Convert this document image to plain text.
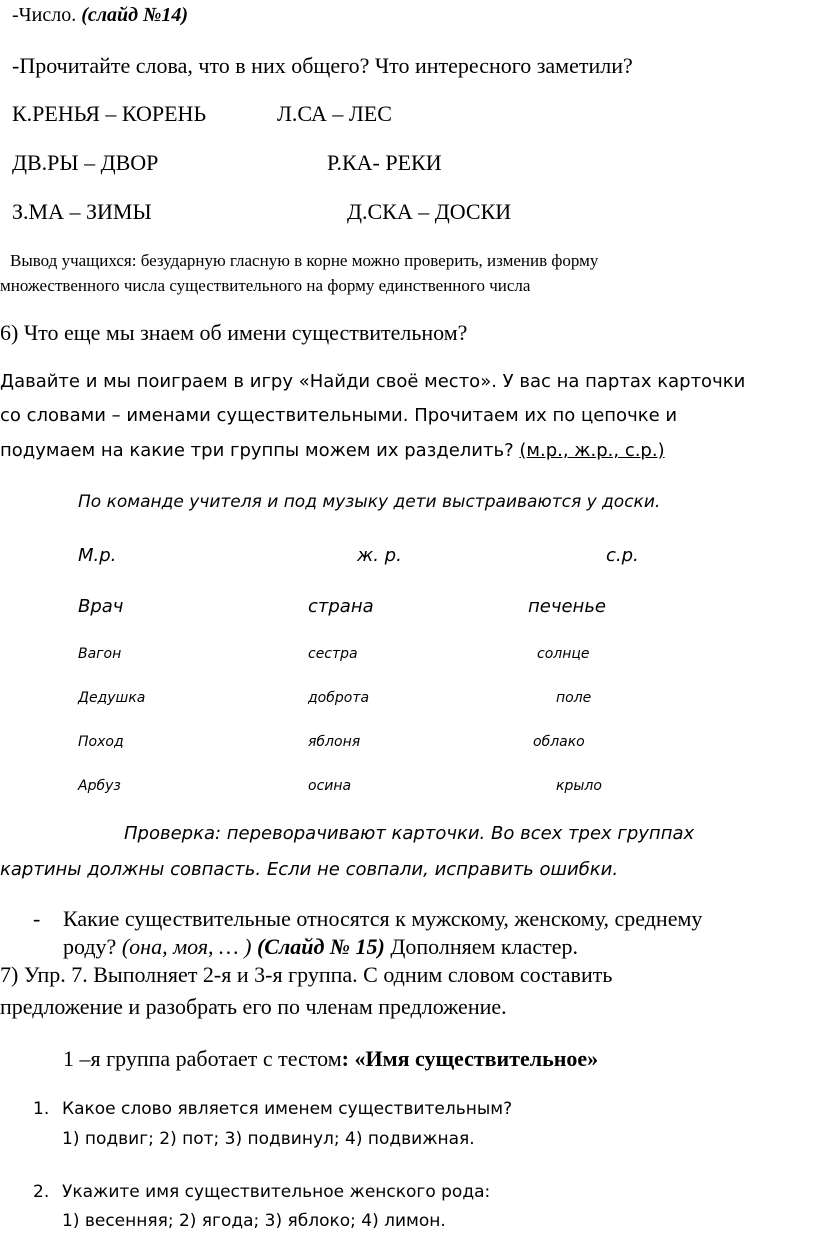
-Число. (слайд №14)
-Прочитайте слова, что в них общего? Что интересного заметили?
К.РЕНЬЯ – КОРЕНЬ	Л.СА – ЛЕС
ДВ.РЫ – ДВОР	Р.КА- РЕКИ
З.МА – ЗИМЫ	Д.СКА – ДОСКИ
Вывод учащихся: безударную гласную в корне можно проверить, изменив форму
множественного числа существительного на форму единственного числа
6) Что еще мы знаем об имени существительном?
Давайте и мы поиграем в игру «Найди своё место». У вас на партах карточки
со словами – именами существительными. Прочитаем их по цепочке и
подумаем на какие три группы можем их разделить? (м.р., ж.р., с.р.)
По команде учителя и под музыку дети выстраиваются у доски.
М.р.	ж. р.	с.р.
Врач	страна	печенье
Вагон	сестра	солнце
Дедушка	доброта	поле
Поход	яблоня	облако
Арбуз	осина	крыло
Проверка: переворачивают карточки. Во всех трех группах
картины должны совпасть. Если не совпали, исправить ошибки.
- Какие существительные относятся к мужскому, женскому, среднему
роду? (она, моя, … ) (Слайд № 15) Дополняем кластер.
7) Упр. 7. Выполняет 2-я и 3-я группа. С одним словом составить
предложение и разобрать его по членам предложение.
1 –я группа работает с тестом: «Имя существительное»
1. Какое слово является именем существительным?
1) подвиг; 2) пот; 3) подвинул; 4) подвижная.
2. Укажите имя существительное женского рода:
1) весенняя; 2) ягода; 3) яблоко; 4) лимон.
